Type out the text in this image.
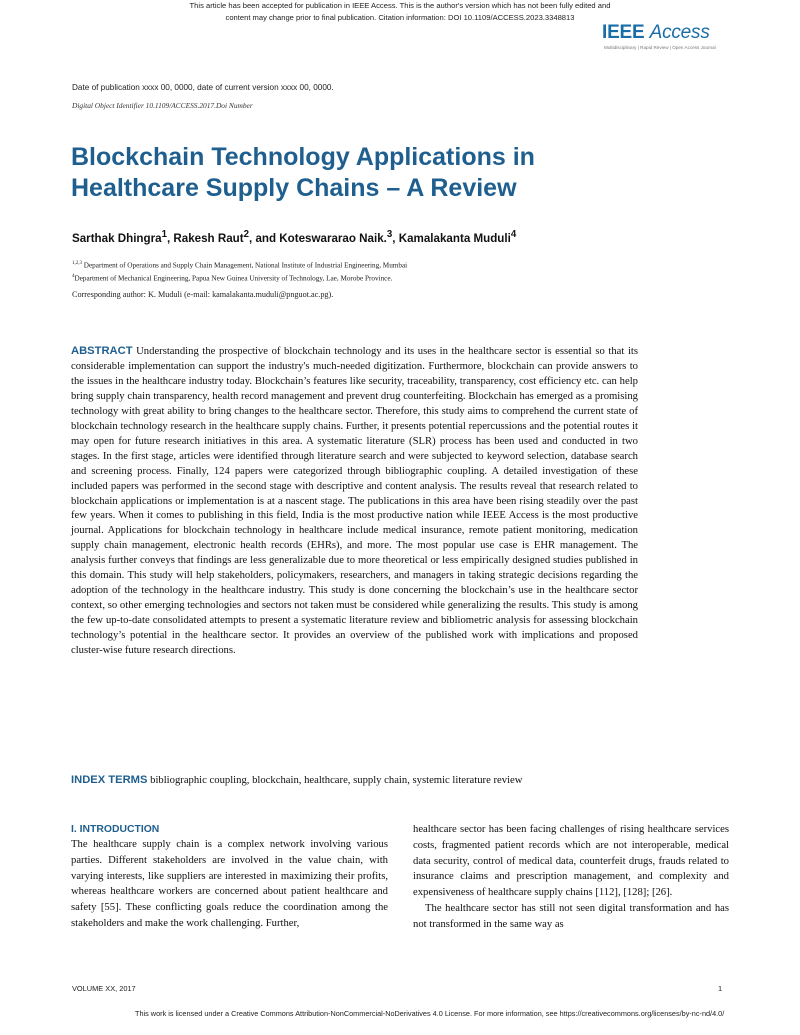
This article has been accepted for publication in IEEE Access. This is the author's version which has not been fully edited and
content may change prior to final publication. Citation information: DOI 10.1109/ACCESS.2023.3348813
IEEE Access
Multidisciplinary | Rapid Review | Open Access Journal
Date of publication xxxx 00, 0000, date of current version xxxx 00, 0000.
Digital Object Identifier 10.1109/ACCESS.2017.Doi Number
Blockchain Technology Applications in
Healthcare Supply Chains – A Review
Sarthak Dhingra$^1$, Rakesh Raut$^2$, and Koteswararao Naik.$^3$, Kamalakanta Muduli$^4$
$^{1,2,3}$ Department of Operations and Supply Chain Management, National Institute of Industrial Engineering, Mumbai
$^4$Department of Mechanical Engineering, Papua New Guinea University of Technology, Lae, Morobe Province.
Corresponding author: K. Muduli (e-mail: kamalakanta.muduli@pnguot.ac.pg).

ABSTRACT Understanding the prospective of blockchain technology and its uses in the healthcare sector is essential so that its considerable implementation can support the industry's much-needed digitization. Furthermore, blockchain can provide answers to the issues in the healthcare industry today. Blockchain’s features like security, traceability, transparency, cost efficiency etc. can help bring supply chain transparency, health record management and prevent drug counterfeiting. Blockchain has emerged as a promising technology with great ability to bring changes to the healthcare sector. Therefore, this study aims to comprehend the current state of blockchain technology research in the healthcare supply chains. Further, it presents potential repercussions and the potential routes it may open for future research initiatives in this area. A systematic literature (SLR) process has been used and conducted in two stages. In the first stage, articles were identified through literature search and were subjected to keyword selection, database search and screening process. Finally, 124 papers were categorized through bibliographic coupling. A detailed investigation of these included papers was performed in the second stage with descriptive and content analysis. The results reveal that research related to blockchain applications or implementation is at a nascent stage. The publications in this area have been rising steadily over the past few years. When it comes to publishing in this field, India is the most productive nation while IEEE Access is the most productive journal. Applications for blockchain technology in healthcare include medical insurance, remote patient monitoring, medication supply chain management, electronic health records (EHRs), and more. The most popular use case is EHR management. The analysis further conveys that findings are less generalizable due to more theoretical or less empirically designed studies published in this domain. This study will help stakeholders, policymakers, researchers, and managers in taking strategic decisions regarding the adoption of the technology in the healthcare industry. This study is done concerning the blockchain’s use in the healthcare sector context, so other emerging technologies and sectors not taken must be considered while generalizing the results. This study is among the few up-to-date consolidated attempts to present a systematic literature review and bibliometric analysis for assessing blockchain technology’s potential in the healthcare sector. It provides an overview of the published work with implications and proposed cluster-wise future research directions.

INDEX TERMS bibliographic coupling, blockchain, healthcare, supply chain, systemic literature review

I. INTRODUCTION

The healthcare supply chain is a complex network involving various parties. Different stakeholders are involved in the value chain, with varying interests, like suppliers are interested in maximizing their profits, whereas healthcare workers are concerned about patient healthcare and safety [55]. These conflicting goals reduce the coordination among the stakeholders and make the work challenging. Further,

healthcare sector has been facing challenges of rising healthcare services costs, fragmented patient records which are not interoperable, medical data security, control of medical data, counterfeit drugs, frauds related to insurance claims and prescription management, and complexity and expensiveness of healthcare supply chains [112], [128]; [26].

The healthcare sector has still not seen digital transformation and has not transformed in the same way as

VOLUME XX, 2017	1
This work is licensed under a Creative Commons Attribution-NonCommercial-NoDerivatives 4.0 License. For more information, see https://creativecommons.org/licenses/by-nc-nd/4.0/
